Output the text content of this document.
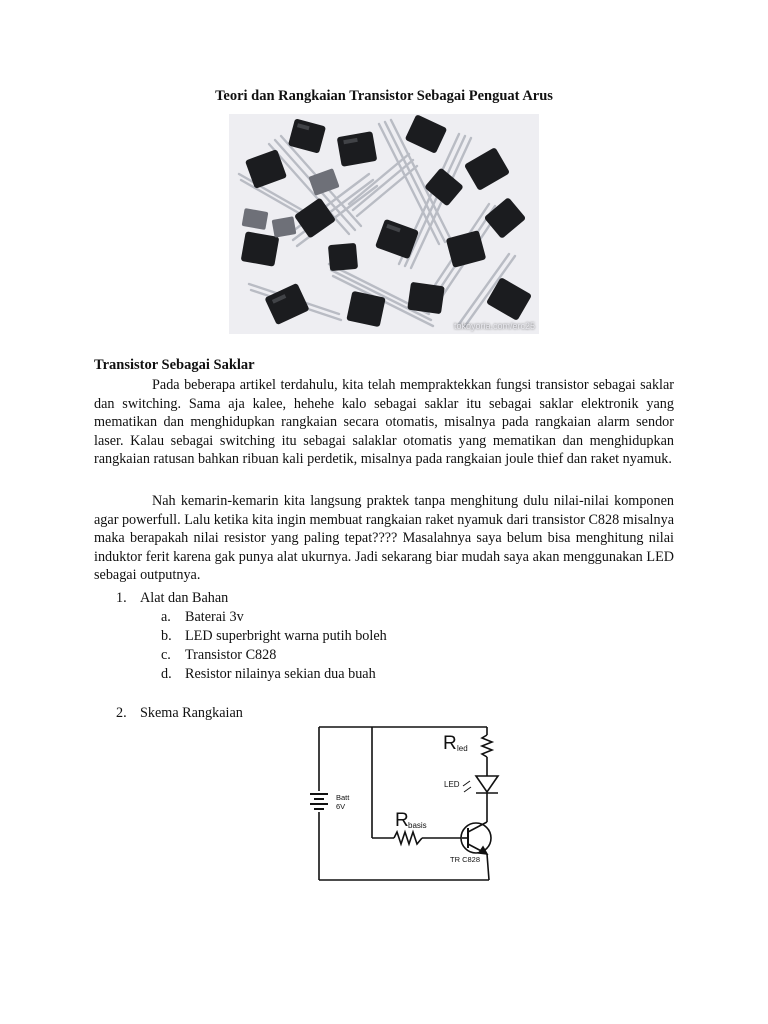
Teori dan Rangkaian Transistor Sebagai Penguat Arus
tokoyoria.com/erc25
Transistor Sebagai Saklar

Pada beberapa artikel terdahulu, kita telah mempraktekkan fungsi transistor sebagai saklar dan switching. Sama aja kalee, hehehe kalo sebagai saklar itu sebagai saklar elektronik yang mematikan dan menghidupkan rangkaian secara otomatis, misalnya pada rangkaian alarm sendor laser. Kalau sebagai switching itu sebagai salaklar otomatis yang mematikan dan menghidupkan rangkaian ratusan bahkan ribuan kali perdetik, misalnya pada rangkaian joule thief dan raket nyamuk.

Nah kemarin-kemarin kita langsung praktek tanpa menghitung dulu nilai-nilai komponen agar powerfull. Lalu ketika kita ingin membuat rangkaian raket nyamuk dari transistor C828 misalnya maka berapakah nilai resistor yang paling tepat???? Masalahnya saya belum bisa menghitung nilai induktor ferit karena gak punya alat ukurnya. Jadi sekarang biar mudah saya akan menggunakan LED sebagai outputnya.

1. Alat dan Bahan
a. Baterai 3v
b. LED superbright warna putih boleh
c. Transistor C828
d. Resistor nilainya sekian dua buah
2. Skema Rangkaian
R led
LED
Batt
6V
R basis
TR C828
